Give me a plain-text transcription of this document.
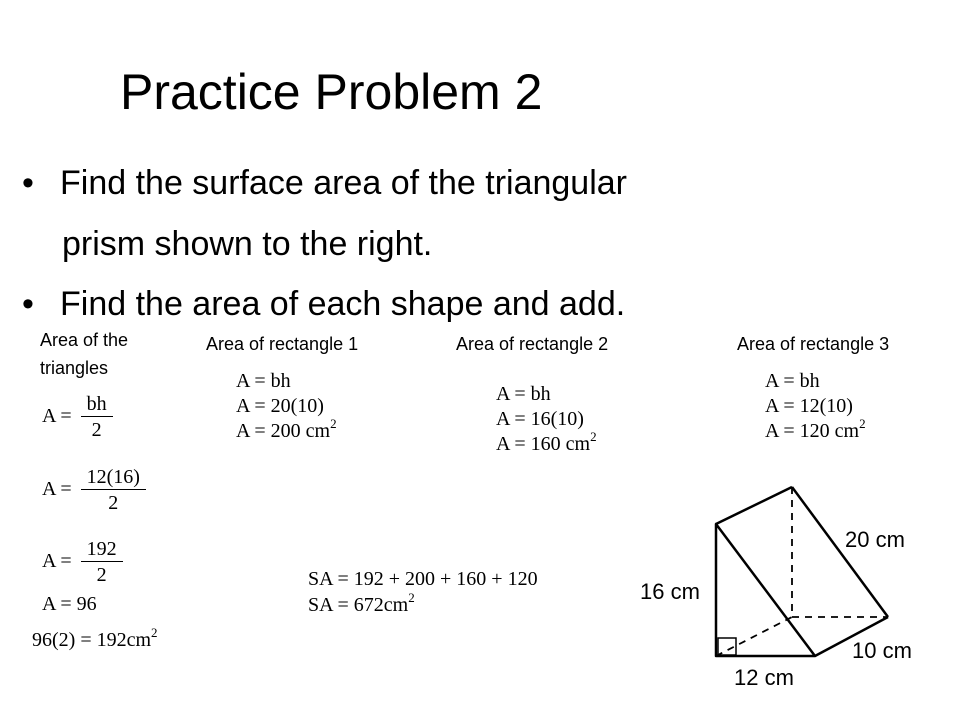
Practice Problem 2
• Find the surface area of the triangular
prism shown to the right.
• Find the area of each shape and add.
Area of the
triangles
$A = \frac{bh}{2}$
$A = \frac{12(16)}{2}$
$A = \frac{192}{2}$
A = 96
$96(2) = 192cm^2$
Area of rectangle 1
A = bh
A = 20(10)
A = 200 $cm^2$
Area of rectangle 2
A = bh
A = 16(10)
A = 160 $cm^2$
Area of rectangle 3
A = bh
A = 12(10)
A = 120 $cm^2$
SA = 192 + 200 + 160 + 120
SA = $672cm^2$
20 cm
16 cm
10 cm
12 cm
